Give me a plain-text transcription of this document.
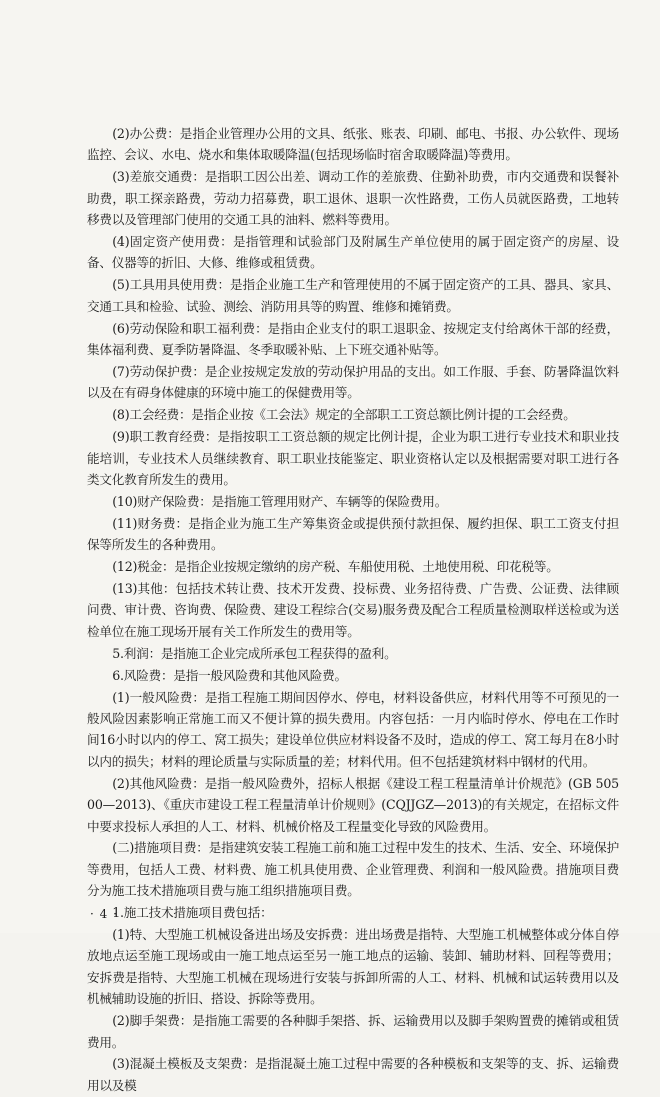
(2)办公费：是指企业管理办公用的文具、纸张、账表、印刷、邮电、书报、办公软件、现场监控、会议、水电、烧水和集体取暖降温(包括现场临时宿舍取暖降温)等费用。

(3)差旅交通费：是指职工因公出差、调动工作的差旅费、住勤补助费，市内交通费和误餐补助费，职工探亲路费，劳动力招募费，职工退休、退职一次性路费，工伤人员就医路费，工地转移费以及管理部门使用的交通工具的油料、燃料等费用。

(4)固定资产使用费：是指管理和试验部门及附属生产单位使用的属于固定资产的房屋、设备、仪器等的折旧、大修、维修或租赁费。

(5)工具用具使用费：是指企业施工生产和管理使用的不属于固定资产的工具、器具、家具、交通工具和检验、试验、测绘、消防用具等的购置、维修和摊销费。

(6)劳动保险和职工福利费：是指由企业支付的职工退职金、按规定支付给离休干部的经费，集体福利费、夏季防暑降温、冬季取暖补贴、上下班交通补贴等。

(7)劳动保护费：是企业按规定发放的劳动保护用品的支出。如工作服、手套、防暑降温饮料以及在有碍身体健康的环境中施工的保健费用等。

(8)工会经费：是指企业按《工会法》规定的全部职工工资总额比例计提的工会经费。

(9)职工教育经费：是指按职工工资总额的规定比例计提，企业为职工进行专业技术和职业技能培训，专业技术人员继续教育、职工职业技能鉴定、职业资格认定以及根据需要对职工进行各类文化教育所发生的费用。

(10)财产保险费：是指施工管理用财产、车辆等的保险费用。

(11)财务费：是指企业为施工生产筹集资金或提供预付款担保、履约担保、职工工资支付担保等所发生的各种费用。

(12)税金：是指企业按规定缴纳的房产税、车船使用税、土地使用税、印花税等。

(13)其他：包括技术转让费、技术开发费、投标费、业务招待费、广告费、公证费、法律顾问费、审计费、咨询费、保险费、建设工程综合(交易)服务费及配合工程质量检测取样送检或为送检单位在施工现场开展有关工作所发生的费用等。

5.利润：是指施工企业完成所承包工程获得的盈利。

6.风险费：是指一般风险费和其他风险费。

(1)一般风险费：是指工程施工期间因停水、停电，材料设备供应，材料代用等不可预见的一般风险因素影响正常施工而又不便计算的损失费用。内容包括：一月内临时停水、停电在工作时间16小时以内的停工、窝工损失；建设单位供应材料设备不及时，造成的停工、窝工每月在8小时以内的损失；材料的理论质量与实际质量的差；材料代用。但不包括建筑材料中钢材的代用。

(2)其他风险费：是指一般风险费外，招标人根据《建设工程工程量清单计价规范》(GB 50500—2013)、《重庆市建设工程工程量清单计价规则》(CQJJGZ—2013)的有关规定，在招标文件中要求投标人承担的人工、材料、机械价格及工程量变化导致的风险费用。

(二)措施项目费：是指建筑安装工程施工前和施工过程中发生的技术、生活、安全、环境保护等费用，包括人工费、材料费、施工机具使用费、企业管理费、利润和一般风险费。措施项目费分为施工技术措施项目费与施工组织措施项目费。

1.施工技术措施项目费包括：

(1)特、大型施工机械设备进出场及安拆费：进出场费是指特、大型施工机械整体或分体自停放地点运至施工现场或由一施工地点运至另一施工地点的运输、装卸、辅助材料、回程等费用；安拆费是指特、大型施工机械在现场进行安装与拆卸所需的人工、材料、机械和试运转费用以及机械辅助设施的折旧、搭设、拆除等费用。

(2)脚手架费：是指施工需要的各种脚手架搭、拆、运输费用以及脚手架购置费的摊销或租赁费用。

(3)混凝土模板及支架费：是指混凝土施工过程中需要的各种模板和支架等的支、拆、运输费用以及模

· 4 ·
